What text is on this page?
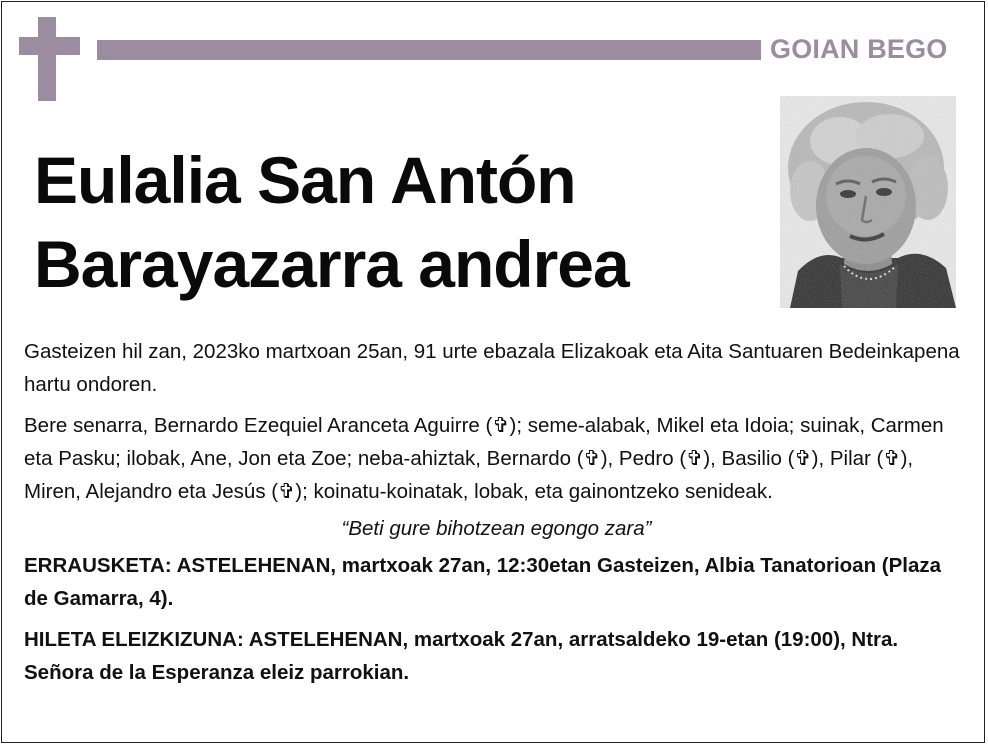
GOIAN BEGO
Eulalia San Antón
Barayazarra andrea

Gasteizen hil zan, 2023ko martxoan 25an, 91 urte ebazala Elizakoak eta Aita Santuaren Bedeinkapena hartu ondoren.

Bere senarra, Bernardo Ezequiel Aranceta Aguirre (✞); seme-alabak, Mikel eta Idoia; suinak, Carmen eta Pasku; ilobak, Ane, Jon eta Zoe; neba-ahiztak, Bernardo (✞), Pedro (✞), Basilio (✞), Pilar (✞), Miren, Alejandro eta Jesús (✞); koinatu-koinatak, lobak, eta gainontzeko senideak.

“Beti gure bihotzean egongo zara”

ERRAUSKETA: ASTELEHENAN, martxoak 27an, 12:30etan Gasteizen, Albia Tanatorioan (Plaza de Gamarra, 4).

HILETA ELEIZKIZUNA: ASTELEHENAN, martxoak 27an, arratsaldeko 19-etan (19:00), Ntra. Señora de la Esperanza eleiz parrokian.
